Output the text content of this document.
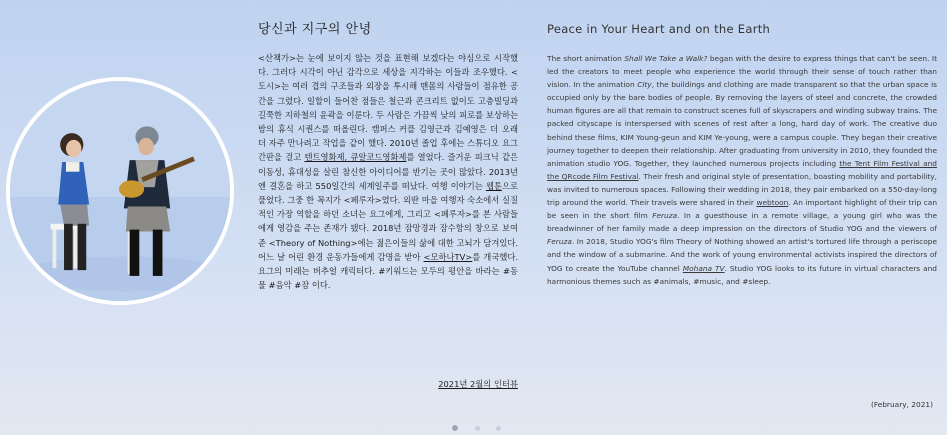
당신과 지구의 안녕

<산책가>는 눈에 보이지 않는 것을 표현해 보겠다는 야심으로 시작했다. 그러다 시각이 아닌 감각으로 세상을 지각하는 이들과 조우했다. <도시>는 여러 겹의 구조들과 외장을 투시해 맨몸의 사람들이 점유한 공간을 그렸다. 일할이 들어찬 점들은 철근과 콘크리트 없이도 고층빌딩과 길쭉한 지하철의 윤곽을 이룬다. 두 사람은 가끔씩 낮의 피로를 보상하는 밤의 휴식 시퀀스를 떠올린다. 캠퍼스 커플 김영근과 김예영은 더 오래 더 자주 만나려고 작업을 같이 했다. 2010년 졸업 후에는 스튜디오 요그 간판을 걸고 텐트영화제, 큐알코드영화제를 열었다. 즐거운 피크닉 같은 이동성, 휴대성을 살린 참신한 아이디어를 반기는 곳이 많았다. 2013년엔 결혼을 하고 550일간의 세계일주를 떠났다. 여행 이야기는 웹툰으로 풀었다. 그중 한 꼭지가 <페루자>였다. 외딴 마을 여행자 숙소에서 실질적인 가장 역할을 하던 소녀는 요그에게, 그리고 <페루자>를 본 사람들에게 영감을 주는 존재가 됐다. 2018년 잠망경과 잠수함의 창으로 보여준 <Theory of Nothing>에는 젊은이들의 삶에 대한 고뇌가 담겨있다. 어느 날 어린 환경 운동가들에게 감명을 받아 <모하나TV>를 개국했다. 요그의 미래는 버추얼 캐릭터다. #키워드는 모두의 평안을 바라는 #동물 #음악 #잠 이다.

2021년 2월의 인터뷰
Peace in Your Heart and on the Earth

The short animation Shall We Take a Walk? began with the desire to express things that can't be seen. It led the creators to meet people who experience the world through their sense of touch rather than vision. In the animation City, the buildings and clothing are made transparent so that the urban space is occupied only by the bare bodies of people. By removing the layers of steel and concrete, the crowded human figures are all that remain to construct scenes full of skyscrapers and winding subway trains. The packed cityscape is interspersed with scenes of rest after a long, hard day of work. The creative duo behind these films, KIM Young-geun and KIM Ye-young, were a campus couple. They began their creative journey together to deepen their relationship. After graduating from university in 2010, they founded the animation studio YOG. Together, they launched numerous projects including the Tent Film Festival and the QRcode Film Festival. Their fresh and original style of presentation, boasting mobility and portability, was invited to numerous spaces. Following their wedding in 2018, they pair embarked on a 550-day-long trip around the world. Their travels were shared in their webtoon. An important highlight of their trip can be seen in the short film Feruza. In a guesthouse in a remote village, a young girl who was the breadwinner of her family made a deep impression on the directors of Studio YOG and the viewers of Feruza. In 2018, Studio YOG's film Theory of Nothing showed an artist's tortured life through a periscope and the window of a submarine. And the work of young environmental activists inspired the directors of YOG to create the YouTube channel Mohana TV. Studio YOG looks to its future in virtual characters and harmonious themes such as #animals, #music, and #sleep.

(February, 2021)
